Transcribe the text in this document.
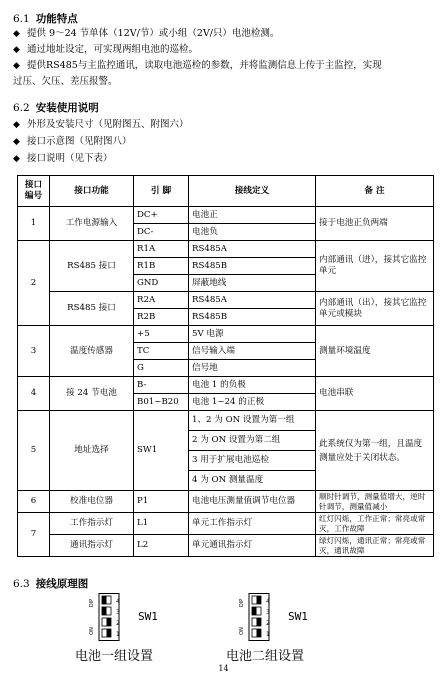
6.1 功能特点
◆ 提供 9～24 节单体（12V/节）或小组（2V/只）电池检测。
◆ 通过地址设定，可实现两组电池的巡检。
◆ 提供RS485与主监控通讯，读取电池巡检的参数，并将监测信息上传于主监控，实现
过压、欠压、差压报警。
6.2 安装使用说明
◆ 外形及安装尺寸（见附图五、附图六）
◆ 接口示意图（见附图八）
◆ 接口说明（见下表）
接口
编号	接口功能	引 脚	接线定义	备 注
1	工作电源输入	DC+	电池正	接于电池正负两端
		DC-	电池负	
2	RS485 接口	R1A	RS485A	内部通讯（进），接其它监控单元
		R1B	RS485B	
		GND	屏蔽地线	
	RS485 接口	R2A	RS485A	内部通讯（出），接其它监控单元或模块
		R2B	RS485B	
3	温度传感器	+5	5V 电源	测量环境温度
		TC	信号输入端	
		G	信号地	
4	接 24 节电池	B-	电池 1 的负极	电池串联
		B01~B20	电池 1~24 的正极	
5	地址选择	SW1	1、2 为 ON 设置为第一组	此系统仅为第一组，且温度测量应处于关闭状态。
			2 为 ON 设置为第二组	
			3 用于扩展电池巡检	
			4 为 ON 测量温度	
6	校准电位器	P1	电池电压测量值调节电位器	顺时针调节，测量值增大，逆时针调节，测量值减小
7	工作指示灯	L1	单元工作指示灯	红灯闪烁，工作正常；常亮或常灭，工作故障
	通讯指示灯	L2	单元通讯指示灯	绿灯闪烁，通讯正常；常亮或常灭，通讯故障
6.3 接线原理图
DIP
ON
4
3
2
1
SW1
DIP
ON
4
3
2
1
SW1
电池一组设置	电池二组设置
14
